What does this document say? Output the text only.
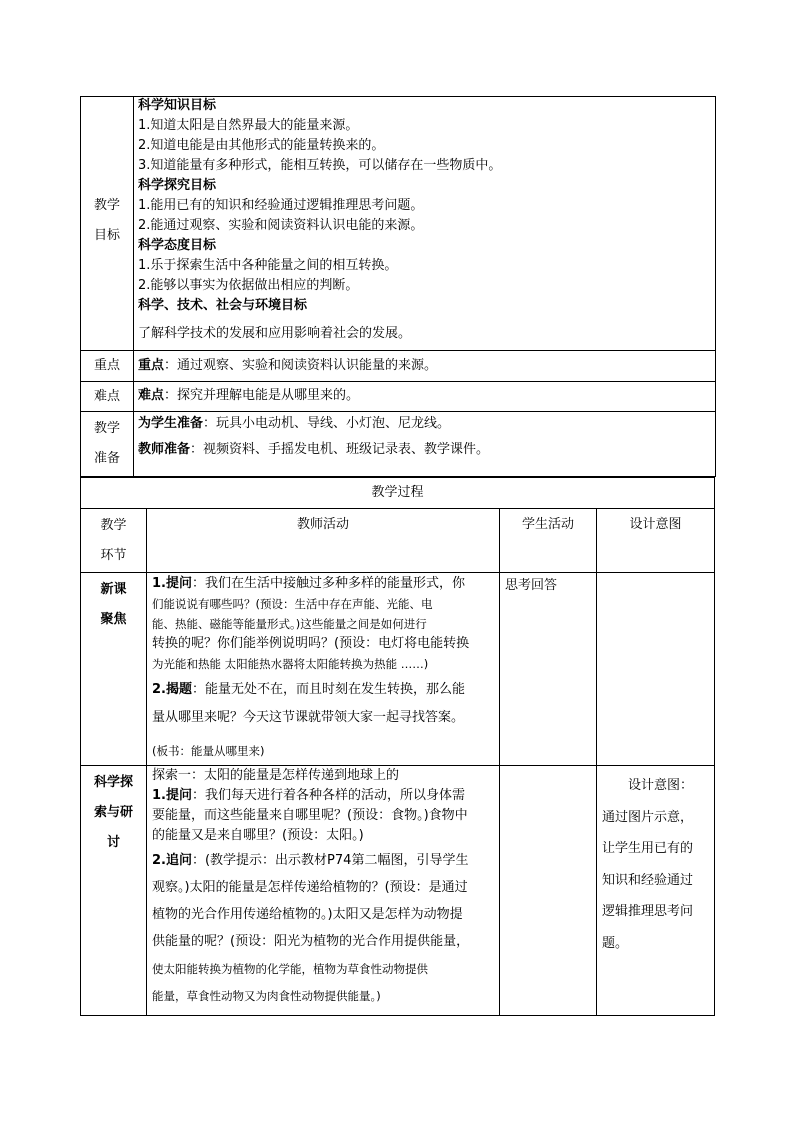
教学
目标
重点
难点
教学
准备
科学知识目标
1.知道太阳是自然界最大的能量来源。
2.知道电能是由其他形式的能量转换来的。
3.知道能量有多种形式，能相互转换，可以储存在一些物质中。
科学探究目标
1.能用已有的知识和经验通过逻辑推理思考问题。
2.能通过观察、实验和阅读资料认识电能的来源。
科学态度目标
1.乐于探索生活中各种能量之间的相互转换。
2.能够以事实为依据做出相应的判断。
科学、技术、社会与环境目标
了解科学技术的发展和应用影响着社会的发展。
重点：通过观察、实验和阅读资料认识能量的来源。
难点：探究并理解电能是从哪里来的。
为学生准备：玩具小电动机、导线、小灯泡、尼龙线。
教师准备：视频资料、手摇发电机、班级记录表、教学课件。
教学过程
教学
环节
教师活动	学生活动	设计意图
新课
聚焦
思考回答
1.提问：我们在生活中接触过多种多样的能量形式，你
们能说说有哪些吗？(预设：生活中存在声能、光能、电
能、热能、磁能等能量形式。)这些能量之间是如何进行
转换的呢？你们能举例说明吗？(预设：电灯将电能转换
为光能和热能 太阳能热水器将太阳能转换为热能 ……)
2.揭题：能量无处不在，而且时刻在发生转换，那么能
量从哪里来呢？今天这节课就带领大家一起寻找答案。
(板书：能量从哪里来)
科学探
索与研
讨
探索一：太阳的能量是怎样传递到地球上的
1.提问：我们每天进行着各种各样的活动，所以身体需
要能量，而这些能量来自哪里呢？(预设：食物。)食物中
的能量又是来自哪里？(预设：太阳。)
2.追问：(教学提示：出示教材P74第二幅图，引导学生
观察。)太阳的能量是怎样传递给植物的？(预设：是通过
植物的光合作用传递给植物的。)太阳又是怎样为动物提
供能量的呢？(预设：阳光为植物的光合作用提供能量，
使太阳能转换为植物的化学能，植物为草食性动物提供
能量，草食性动物又为肉食性动物提供能量。)
设计意图：
通过图片示意，
让学生用已有的
知识和经验通过
逻辑推理思考问
题。
